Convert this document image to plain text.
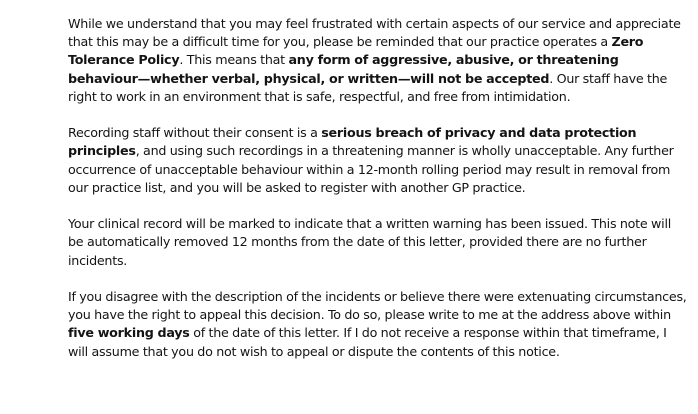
While we understand that you may feel frustrated with certain aspects of our service and appreciate that this may be a difficult time for you, please be reminded that our practice operates a Zero Tolerance Policy. This means that any form of aggressive, abusive, or threatening behaviour—whether verbal, physical, or written—will not be accepted. Our staff have the right to work in an environment that is safe, respectful, and free from intimidation.

Recording staff without their consent is a serious breach of privacy and data protection principles, and using such recordings in a threatening manner is wholly unacceptable. Any further occurrence of unacceptable behaviour within a 12-month rolling period may result in removal from our practice list, and you will be asked to register with another GP practice.

Your clinical record will be marked to indicate that a written warning has been issued. This note will be automatically removed 12 months from the date of this letter, provided there are no further incidents.

If you disagree with the description of the incidents or believe there were extenuating circumstances, you have the right to appeal this decision. To do so, please write to me at the address above within five working days of the date of this letter. If I do not receive a response within that timeframe, I will assume that you do not wish to appeal or dispute the contents of this notice.
